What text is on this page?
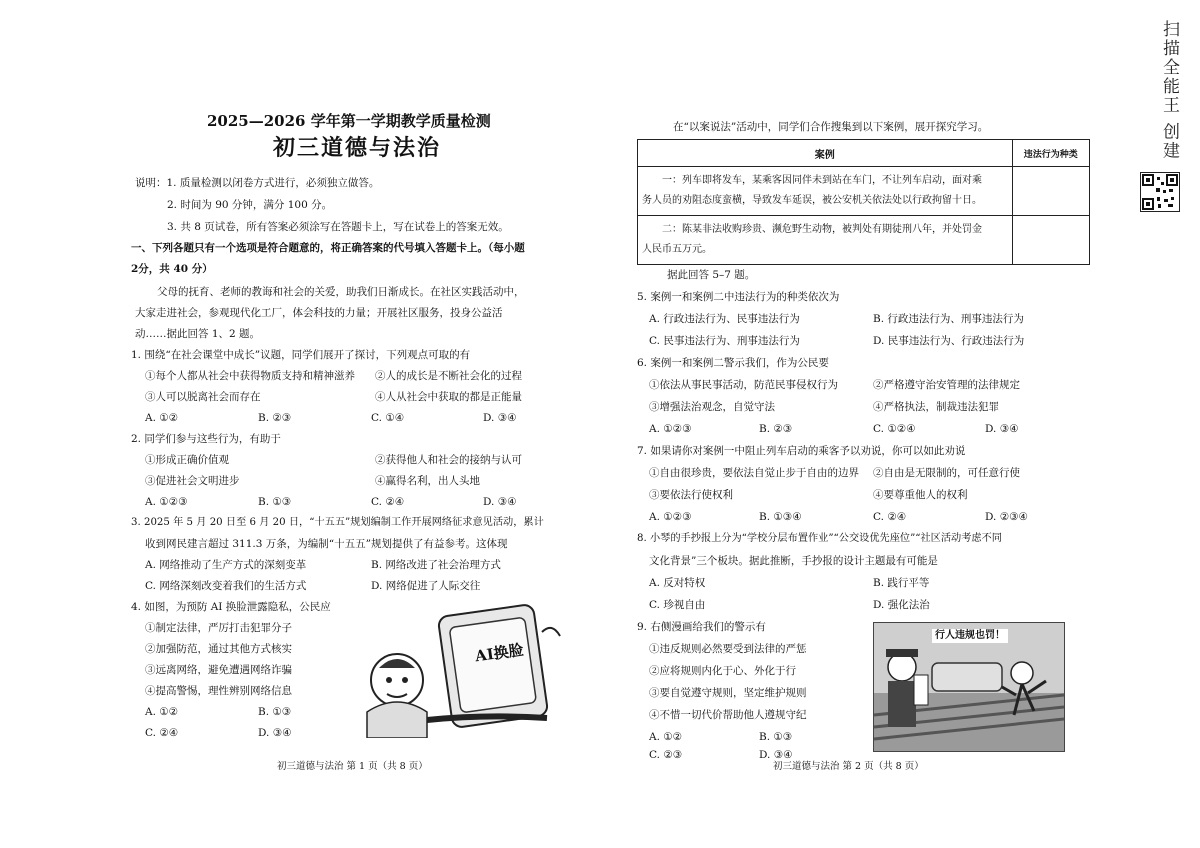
2025—2026 学年第一学期教学质量检测
初三道德与法治
说明：1. 质量检测以闭卷方式进行，必须独立做答。
2. 时间为 90 分钟，满分 100 分。
3. 共 8 页试卷，所有答案必须涂写在答题卡上，写在试卷上的答案无效。
一、下列各题只有一个选项是符合题意的，将正确答案的代号填入答题卡上。（每小题
2分，共 40 分）
父母的抚育、老师的教诲和社会的关爱，助我们日渐成长。在社区实践活动中，
大家走进社会，参观现代化工厂，体会科技的力量；开展社区服务，投身公益活
动……据此回答 1、2 题。
1. 围绕“在社会课堂中成长”议题，同学们展开了探讨，下列观点可取的有
①每个人都从社会中获得物质支持和精神滋养 ②人的成长是不断社会化的过程
③人可以脱离社会而存在	④人从社会中获取的都是正能量
A. ①②	B. ②③	C. ①④	D. ③④
2. 同学们参与这些行为，有助于
①形成正确价值观	②获得他人和社会的接纳与认可
③促进社会文明进步	④赢得名利，出人头地
A. ①②③	B. ①③	C. ②④	D. ③④
3. 2025 年 5 月 20 日至 6 月 20 日，“十五五”规划编制工作开展网络征求意见活动，累计
收到网民建言超过 311.3 万条，为编制“十五五”规划提供了有益参考。这体现
A. 网络推动了生产方式的深刻变革	B. 网络改进了社会治理方式
C. 网络深刻改变着我们的生活方式	D. 网络促进了人际交往
4. 如图，为预防 AI 换脸泄露隐私，公民应
①制定法律，严厉打击犯罪分子
②加强防范，通过其他方式核实
③远离网络，避免遭遇网络诈骗
④提高警惕，理性辨别网络信息
A. ①②	B. ①③
C. ②④	D. ③④
AI换脸
初三道德与法治 第 1 页（共 8 页）
在“以案说法”活动中，同学们合作搜集到以下案例，展开探究学习。
案例	违法行为种类

一：列车即将发车，某乘客因同伴未到站在车门，不让列车启动，面对乘
务人员的劝阻态度蛮横，导致发车延误，被公安机关依法处以行政拘留十日。	

二：陈某非法收购珍贵、濒危野生动物，被判处有期徒刑八年，并处罚金
人民币五万元。	

据此回答 5–7 题。
5. 案例一和案例二中违法行为的种类依次为
A. 行政违法行为、民事违法行为	B. 行政违法行为、刑事违法行为
C. 民事违法行为、刑事违法行为	D. 民事违法行为、行政违法行为
6. 案例一和案例二警示我们，作为公民要
①依法从事民事活动，防范民事侵权行为	②严格遵守治安管理的法律规定
③增强法治观念，自觉守法	④严格执法，制裁违法犯罪
A. ①②③	B. ②③	C. ①②④	D. ③④
7. 如果请你对案例一中阻止列车启动的乘客予以劝说，你可以如此劝说
①自由很珍贵，要依法自觉止步于自由的边界 ②自由是无限制的，可任意行使
③要依法行使权利	④要尊重他人的权利
A. ①②③	B. ①③④	C. ②④	D. ②③④
8. 小琴的手抄报上分为“学校分层布置作业”“公交设优先座位”“社区活动考虑不同
文化背景”三个板块。据此推断，手抄报的设计主题最有可能是
A. 反对特权	B. 践行平等
C. 珍视自由	D. 强化法治
9. 右侧漫画给我们的警示有
①违反规则必然要受到法律的严惩
②应将规则内化于心、外化于行
③要自觉遵守规则，坚定维护规则
④不惜一切代价帮助他人遵规守纪
A. ①②	B. ①③
C. ②③	D. ③④
行人违规也罚！
初三道德与法治 第 2 页（共 8 页）
扫描全能王 创建
